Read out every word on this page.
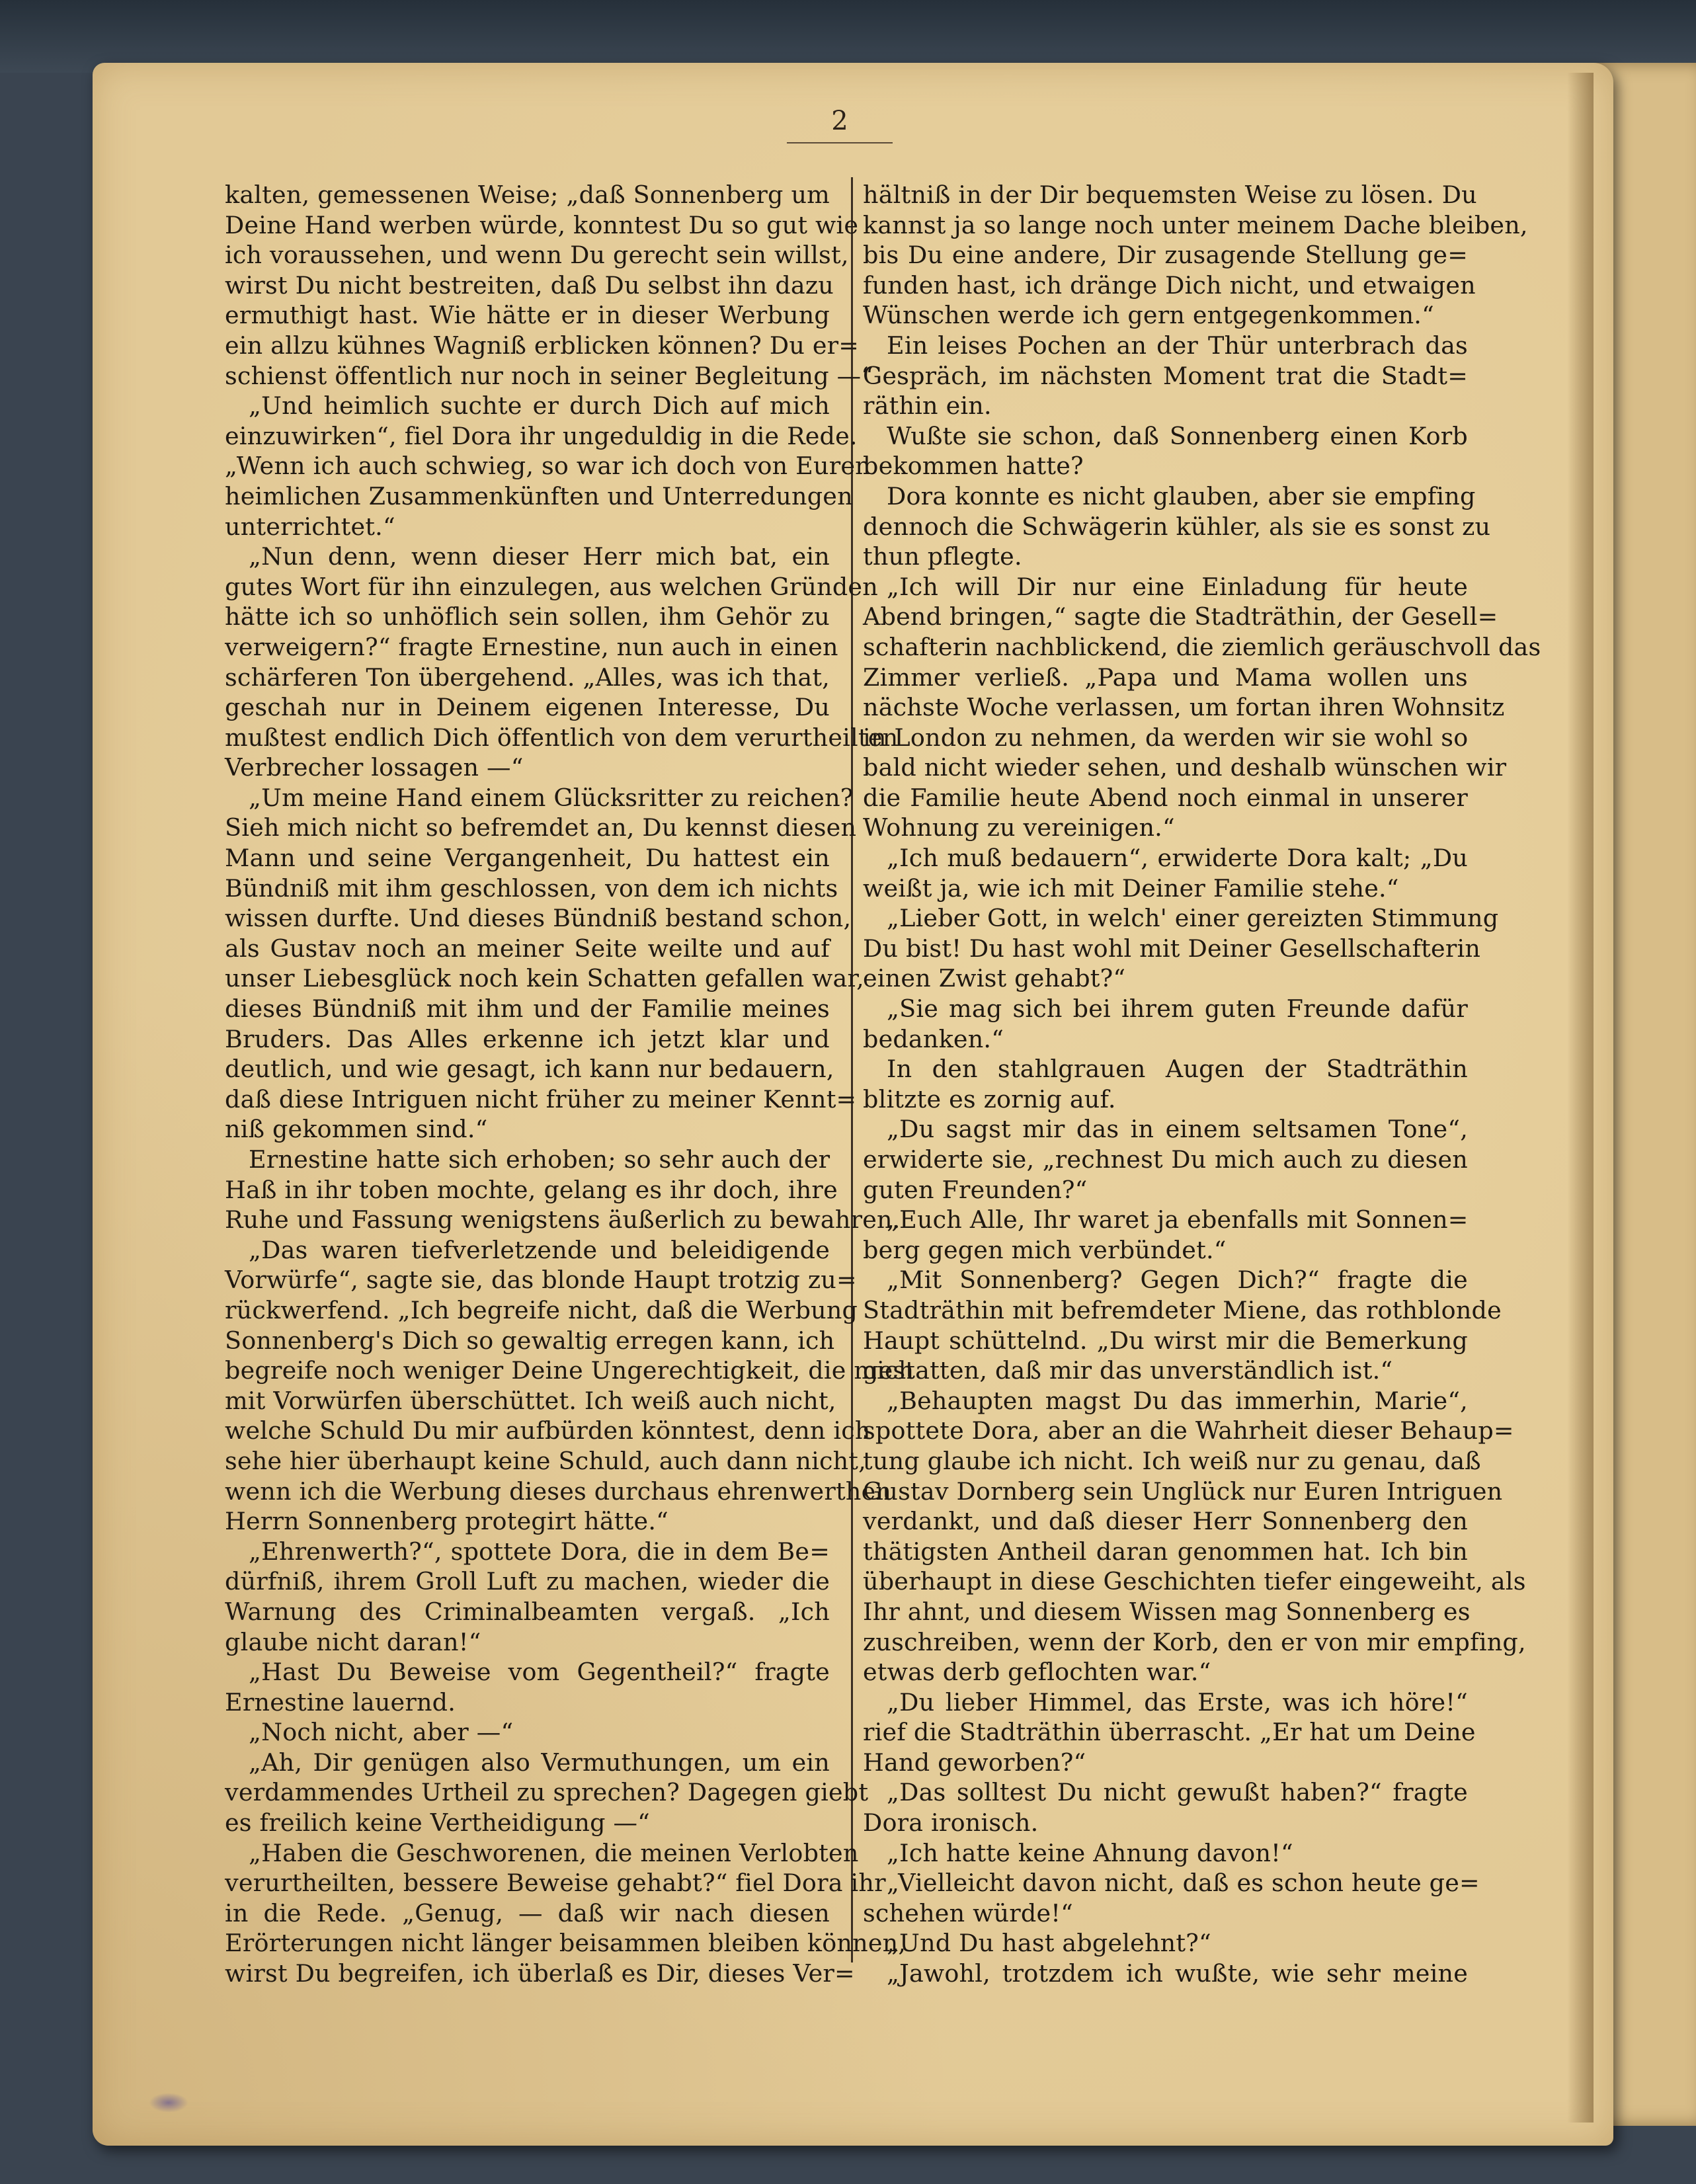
2
kalten, gemessenen Weise; „daß Sonnenberg um
Deine Hand werben würde, konntest Du so gut wie
ich voraussehen, und wenn Du gerecht sein willst,
wirst Du nicht bestreiten, daß Du selbst ihn dazu
ermuthigt hast. Wie hätte er in dieser Werbung
ein allzu kühnes Wagniß erblicken können? Du er=
schienst öffentlich nur noch in seiner Begleitung —“
„Und heimlich suchte er durch Dich auf mich
einzuwirken“, fiel Dora ihr ungeduldig in die Rede.
„Wenn ich auch schwieg, so war ich doch von Euren
heimlichen Zusammenkünften und Unterredungen
unterrichtet.“
„Nun denn, wenn dieser Herr mich bat, ein
gutes Wort für ihn einzulegen, aus welchen Gründen
hätte ich so unhöflich sein sollen, ihm Gehör zu
verweigern?“ fragte Ernestine, nun auch in einen
schärferen Ton übergehend. „Alles, was ich that,
geschah nur in Deinem eigenen Interesse, Du
mußtest endlich Dich öffentlich von dem verurtheilten
Verbrecher lossagen —“
„Um meine Hand einem Glücksritter zu reichen?
Sieh mich nicht so befremdet an, Du kennst diesen
Mann und seine Vergangenheit, Du hattest ein
Bündniß mit ihm geschlossen, von dem ich nichts
wissen durfte. Und dieses Bündniß bestand schon,
als Gustav noch an meiner Seite weilte und auf
unser Liebesglück noch kein Schatten gefallen war,
dieses Bündniß mit ihm und der Familie meines
Bruders. Das Alles erkenne ich jetzt klar und
deutlich, und wie gesagt, ich kann nur bedauern,
daß diese Intriguen nicht früher zu meiner Kennt=
niß gekommen sind.“
Ernestine hatte sich erhoben; so sehr auch der
Haß in ihr toben mochte, gelang es ihr doch, ihre
Ruhe und Fassung wenigstens äußerlich zu bewahren.
„Das waren tiefverletzende und beleidigende
Vorwürfe“, sagte sie, das blonde Haupt trotzig zu=
rückwerfend. „Ich begreife nicht, daß die Werbung
Sonnenberg's Dich so gewaltig erregen kann, ich
begreife noch weniger Deine Ungerechtigkeit, die mich
mit Vorwürfen überschüttet. Ich weiß auch nicht,
welche Schuld Du mir aufbürden könntest, denn ich
sehe hier überhaupt keine Schuld, auch dann nicht,
wenn ich die Werbung dieses durchaus ehrenwerthen
Herrn Sonnenberg protegirt hätte.“
„Ehrenwerth?“, spottete Dora, die in dem Be=
dürfniß, ihrem Groll Luft zu machen, wieder die
Warnung des Criminalbeamten vergaß. „Ich
glaube nicht daran!“
„Hast Du Beweise vom Gegentheil?“ fragte
Ernestine lauernd.
„Noch nicht, aber —“
„Ah, Dir genügen also Vermuthungen, um ein
verdammendes Urtheil zu sprechen? Dagegen giebt
es freilich keine Vertheidigung —“
„Haben die Geschworenen, die meinen Verlobten
verurtheilten, bessere Beweise gehabt?“ fiel Dora ihr
in die Rede. „Genug, — daß wir nach diesen
Erörterungen nicht länger beisammen bleiben können,
wirst Du begreifen, ich überlaß es Dir, dieses Ver=
hältniß in der Dir bequemsten Weise zu lösen. Du
kannst ja so lange noch unter meinem Dache bleiben,
bis Du eine andere, Dir zusagende Stellung ge=
funden hast, ich dränge Dich nicht, und etwaigen
Wünschen werde ich gern entgegenkommen.“
Ein leises Pochen an der Thür unterbrach das
Gespräch, im nächsten Moment trat die Stadt=
räthin ein.
Wußte sie schon, daß Sonnenberg einen Korb
bekommen hatte?
Dora konnte es nicht glauben, aber sie empfing
dennoch die Schwägerin kühler, als sie es sonst zu
thun pflegte.
„Ich will Dir nur eine Einladung für heute
Abend bringen,“ sagte die Stadträthin, der Gesell=
schafterin nachblickend, die ziemlich geräuschvoll das
Zimmer verließ. „Papa und Mama wollen uns
nächste Woche verlassen, um fortan ihren Wohnsitz
in London zu nehmen, da werden wir sie wohl so
bald nicht wieder sehen, und deshalb wünschen wir
die Familie heute Abend noch einmal in unserer
Wohnung zu vereinigen.“
„Ich muß bedauern“, erwiderte Dora kalt; „Du
weißt ja, wie ich mit Deiner Familie stehe.“
„Lieber Gott, in welch' einer gereizten Stimmung
Du bist! Du hast wohl mit Deiner Gesellschafterin
einen Zwist gehabt?“
„Sie mag sich bei ihrem guten Freunde dafür
bedanken.“
In den stahlgrauen Augen der Stadträthin
blitzte es zornig auf.
„Du sagst mir das in einem seltsamen Tone“,
erwiderte sie, „rechnest Du mich auch zu diesen
guten Freunden?“
„Euch Alle, Ihr waret ja ebenfalls mit Sonnen=
berg gegen mich verbündet.“
„Mit Sonnenberg? Gegen Dich?“ fragte die
Stadträthin mit befremdeter Miene, das rothblonde
Haupt schüttelnd. „Du wirst mir die Bemerkung
gestatten, daß mir das unverständlich ist.“
„Behaupten magst Du das immerhin, Marie“,
spottete Dora, aber an die Wahrheit dieser Behaup=
tung glaube ich nicht. Ich weiß nur zu genau, daß
Gustav Dornberg sein Unglück nur Euren Intriguen
verdankt, und daß dieser Herr Sonnenberg den
thätigsten Antheil daran genommen hat. Ich bin
überhaupt in diese Geschichten tiefer eingeweiht, als
Ihr ahnt, und diesem Wissen mag Sonnenberg es
zuschreiben, wenn der Korb, den er von mir empfing,
etwas derb geflochten war.“
„Du lieber Himmel, das Erste, was ich höre!“
rief die Stadträthin überrascht. „Er hat um Deine
Hand geworben?“
„Das solltest Du nicht gewußt haben?“ fragte
Dora ironisch.
„Ich hatte keine Ahnung davon!“
„Vielleicht davon nicht, daß es schon heute ge=
schehen würde!“
„Und Du hast abgelehnt?“
„Jawohl, trotzdem ich wußte, wie sehr meine
